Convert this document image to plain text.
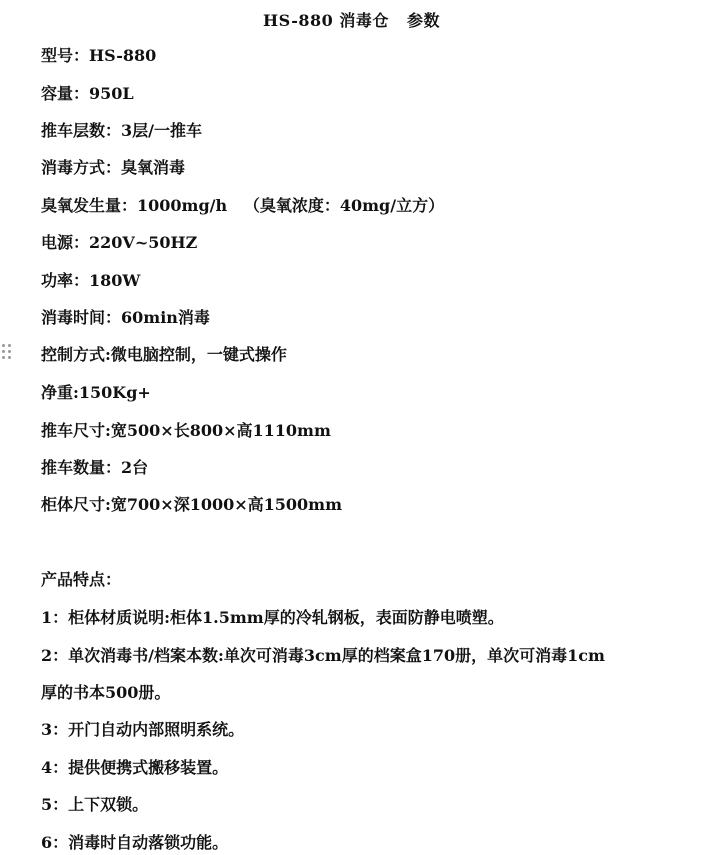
HS-880 消毒仓   参数
型号：HS-880
容量：950L
推车层数：3层/一推车
消毒方式：臭氧消毒
臭氧发生量：1000mg/h   （臭氧浓度：40mg/立方）
电源：220V~50HZ
功率：180W
消毒时间：60min消毒
控制方式:微电脑控制，一键式操作
净重:150Kg+
推车尺寸:宽500×长800×高1110mm
推车数量：2台
柜体尺寸:宽700×深1000×高1500mm
产品特点：
1：柜体材质说明:柜体1.5mm厚的冷轧钢板，表面防静电喷塑。
2：单次消毒书/档案本数:单次可消毒3cm厚的档案盒170册，单次可消毒1cm
厚的书本500册。
3：开门自动内部照明系统。
4：提供便携式搬移装置。
5：上下双锁。
6：消毒时自动落锁功能。
